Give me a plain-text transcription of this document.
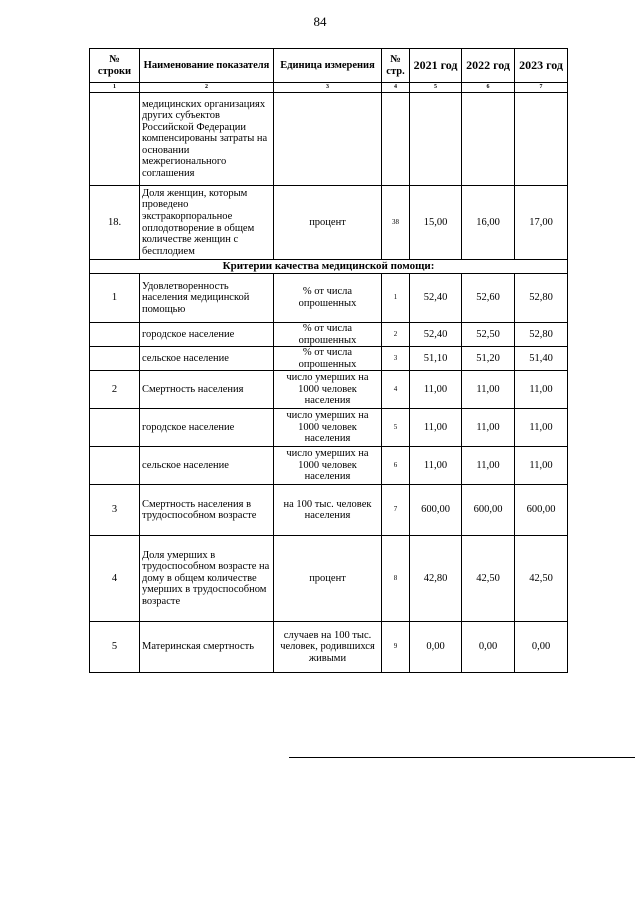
84
№ строки	Наименование показателя	Единица измерения	№ стр.	2021 год	2022 год	2023 год
1	2	3	4	5	6	7
	медицинских организациях других субъектов Российской Федерации компенсированы затраты на основании межрегионального соглашения					
18.	Доля женщин, которым проведено экстракорпоральное оплодотворение в общем количестве женщин с бесплодием	процент	38	15,00	16,00	17,00
Критерии качества медицинской помощи:						
1	Удовлетворенность населения медицинской помощью	% от числа опрошенных	1	52,40	52,60	52,80
	городское население	% от числа опрошенных	2	52,40	52,50	52,80
	сельское население	% от числа опрошенных	3	51,10	51,20	51,40
2	Смертность населения	число умерших на 1000 человек населения	4	11,00	11,00	11,00
	городское население	число умерших на 1000 человек населения	5	11,00	11,00	11,00
	сельское население	число умерших на 1000 человек населения	6	11,00	11,00	11,00
3	Смертность населения в трудоспособном возрасте	на 100 тыс. человек населения	7	600,00	600,00	600,00
4	Доля умерших в трудоспособном возрасте на дому в общем количестве умерших в трудоспособном возрасте	процент	8	42,80	42,50	42,50
5	Материнская смертность	случаев на 100 тыс. человек, родившихся живыми	9	0,00	0,00	0,00
